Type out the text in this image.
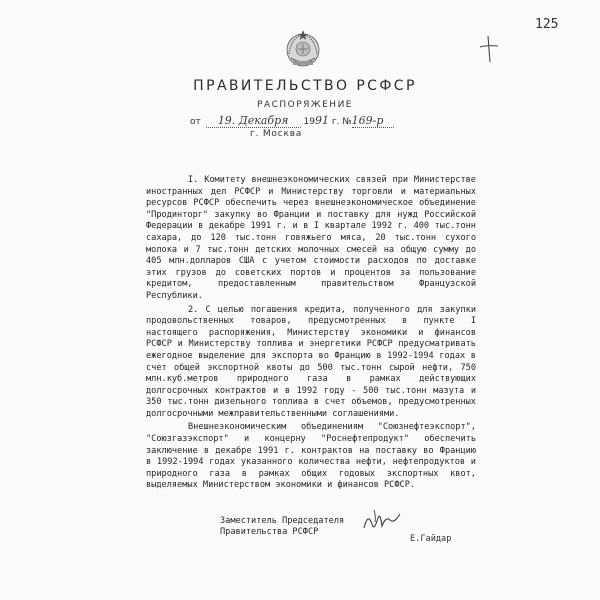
125
ПРАВИТЕЛЬСТВО РСФСР
РАСПОРЯЖЕНИЕ
от 19. Декабря 1991 г. №169-р
г. Москва

I. Комитету внешнеэкономических связей при Министерстве иностранных дел РСФСР и Министерству торговли и материальных ресурсов РСФСР обеспечить через внешнеэкономическое объединение "Продинторг" закупку во Франции и поставку для нужд Российской Федерации в декабре 1991 г. и в I квартале 1992 г. 400 тыс.тонн сахара, до 120 тыс.тонн говяжьего мяса, 20 тыс.тонн сухого молока и 7 тыс.тонн детских молочных смесей на общую сумму до 405 млн.долларов США с учетом стоимости расходов по доставке этих грузов до советских портов и процентов за пользование кредитом, предоставленным правительством Французской Республики.

2. С целью погашения кредита, полученного для закупки продовольственных товаров, предусмотренных в пункте I настоящего распоряжения, Министерству экономики и финансов РСФСР и Министерству топлива и энергетики РСФСР предусматривать ежегодное выделение для экспорта во Францию в 1992-1994 годах в счет общей экспортной квоты до 500 тыс.тонн сырой нефти, 750 млн.куб.метров природного газа в рамках действующих долгосрочных контрактов и в 1992 году - 500 тыс.тонн мазута и 350 тыс.тонн дизельного топлива в счет объемов, предусмотренных долгосрочными межправительственными соглашениями.

Внешнеэкономическим объединениям "Союзнефтеэкспорт", "Союзгазэкспорт" и концерну "Роснефтепродукт" обеспечить заключение в декабре 1991 г. контрактов на поставку во Францию в 1992-1994 годах указанного количества нефти, нефтепродуктов и природного газа в рамках общих годовых экспортных квот, выделяемых Министерством экономики и финансов РСФСР.

Заместитель Председателя
Правительства РСФСР
Е.Гайдар
